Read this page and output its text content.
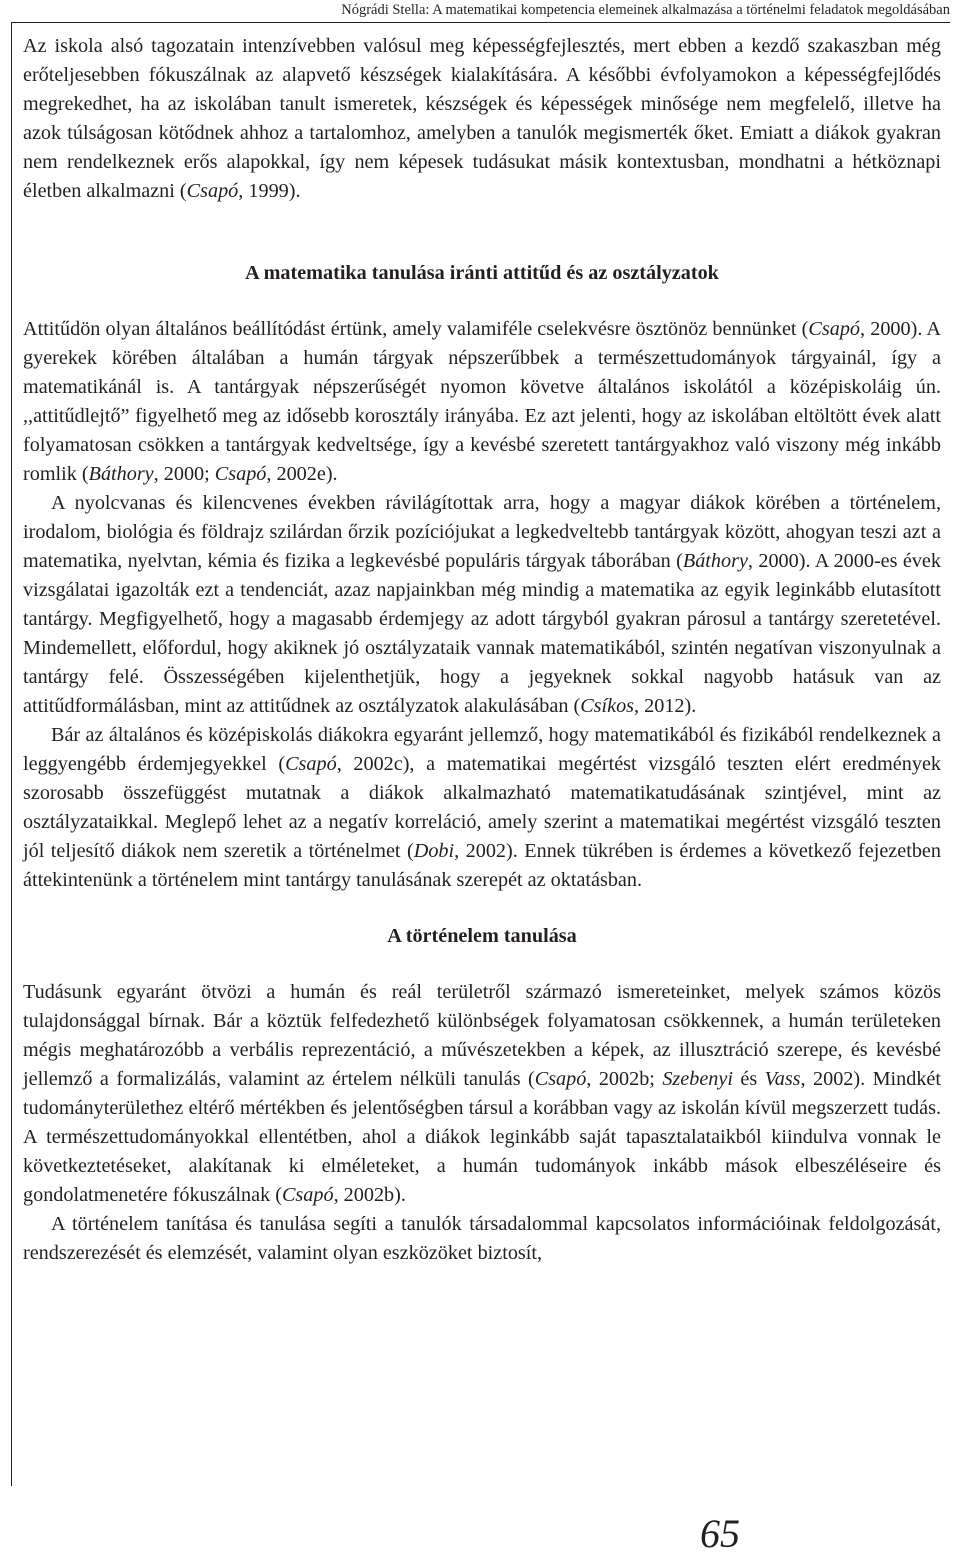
Nógrádi Stella: A matematikai kompetencia elemeinek alkalmazása a történelmi feladatok megoldásában

Az iskola alsó tagozatain intenzívebben valósul meg képességfejlesztés, mert ebben a kezdő szakaszban még erőteljesebben fókuszálnak az alapvető készségek kialakítására. A későbbi évfolyamokon a képességfejlődés megrekedhet, ha az iskolában tanult ismeretek, készségek és képességek minősége nem megfelelő, illetve ha azok túlságosan kötődnek ahhoz a tartalomhoz, amelyben a tanulók megismerték őket. Emiatt a diákok gyakran nem rendelkeznek erős alapokkal, így nem képesek tudásukat másik kontextusban, mondhatni a hétköznapi életben alkalmazni (Csapó, 1999).

A matematika tanulása iránti attitűd és az osztályzatok

Attitűdön olyan általános beállítódást értünk, amely valamiféle cselekvésre ösztönöz bennünket (Csapó, 2000). A gyerekek körében általában a humán tárgyak népszerűbbek a természettudományok tárgyainál, így a matematikánál is. A tantárgyak népszerűségét nyomon követve általános iskolától a középiskoláig ún. ,,attitűdlejtő” figyelhető meg az idősebb korosztály irányába. Ez azt jelenti, hogy az iskolában eltöltött évek alatt folyamatosan csökken a tantárgyak kedveltsége, így a kevésbé szeretett tantárgyakhoz való viszony még inkább romlik (Báthory, 2000; Csapó, 2002e).

A nyolcvanas és kilencvenes években rávilágítottak arra, hogy a magyar diákok körében a történelem, irodalom, biológia és földrajz szilárdan őrzik pozíciójukat a legkedveltebb tantárgyak között, ahogyan teszi azt a matematika, nyelvtan, kémia és fizika a legkevésbé populáris tárgyak táborában (Báthory, 2000). A 2000-es évek vizsgálatai igazolták ezt a tendenciát, azaz napjainkban még mindig a matematika az egyik leginkább elutasított tantárgy. Megfigyelhető, hogy a magasabb érdemjegy az adott tárgyból gyakran párosul a tantárgy szeretetével. Mindemellett, előfordul, hogy akiknek jó osztályzataik vannak matematikából, szintén negatívan viszonyulnak a tantárgy felé. Összességében kijelenthetjük, hogy a jegyeknek sokkal nagyobb hatásuk van az attitűdformálásban, mint az attitűdnek az osztályzatok alakulásában (Csíkos, 2012).

Bár az általános és középiskolás diákokra egyaránt jellemző, hogy matematikából és fizikából rendelkeznek a leggyengébb érdemjegyekkel (Csapó, 2002c), a matematikai megértést vizsgáló teszten elért eredmények szorosabb összefüggést mutatnak a diákok alkalmazható matematikatudásának szintjével, mint az osztályzataikkal. Meglepő lehet az a negatív korreláció, amely szerint a matematikai megértést vizsgáló teszten jól teljesítő diákok nem szeretik a történelmet (Dobi, 2002). Ennek tükrében is érdemes a következő fejezetben áttekintenünk a történelem mint tantárgy tanulásának szerepét az oktatásban.

A történelem tanulása

Tudásunk egyaránt ötvözi a humán és reál területről származó ismereteinket, melyek számos közös tulajdonsággal bírnak. Bár a köztük felfedezhető különbségek folyamatosan csökkennek, a humán területeken mégis meghatározóbb a verbális reprezentáció, a művészetekben a képek, az illusztráció szerepe, és kevésbé jellemző a formalizálás, valamint az értelem nélküli tanulás (Csapó, 2002b; Szebenyi és Vass, 2002). Mindkét tudományterülethez eltérő mértékben és jelentőségben társul a korábban vagy az iskolán kívül megszerzett tudás. A természettudományokkal ellentétben, ahol a diákok leginkább saját tapasztalataikból kiindulva vonnak le következtetéseket, alakítanak ki elméleteket, a humán tudományok inkább mások elbeszéléseire és gondolatmenetére fókuszálnak (Csapó, 2002b).

A történelem tanítása és tanulása segíti a tanulók társadalommal kapcsolatos információinak feldolgozását, rendszerezését és elemzését, valamint olyan eszközöket biztosít,

65
